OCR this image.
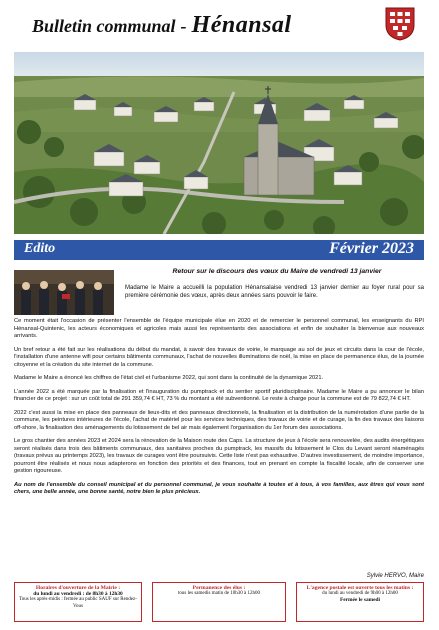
Bulletin communal - Hénansal
Edito	Février 2023
Retour sur le discours des vœux du Maire de vendredi 13 janvier

Madame le Maire a accueilli la population Hénansalaise vendredi 13 janvier dernier au foyer rural pour sa première cérémonie des vœux, après deux années sans pouvoir le faire.

Ce moment était l'occasion de présenter l'ensemble de l'équipe municipale élue en 2020 et de remercier le personnel communal, les enseignants du RPI Hénansal-Quintenic, les acteurs économiques et agricoles mais aussi les représentants des associations et enfin de souhaiter la bienvenue aux nouveaux arrivants.

Un bref retour a été fait sur les réalisations du début du mandat, à savoir des travaux de voirie, le marquage au sol de jeux et circuits dans la cour de l'école, l'installation d'une antenne wifi pour certains bâtiments communaux, l'achat de nouvelles illuminations de noël, la mise en place de permanence élus, de la journée citoyenne et la création du site internet de la commune.

Madame le Maire a énoncé les chiffres de l'état civil et l'urbanisme 2022, qui sont dans la continuité de la dynamique 2021.

L'année 2022 a été marquée par la finalisation et l'inauguration du pumptrack et du sentier sportif pluridisciplinaire. Madame le Maire a pu annoncer le bilan financier de ce projet : sur un coût total de 291 359,74 € HT, 73 % du montant a été subventionné. Le reste à charge pour la commune est de 79 822,74 € HT.

2022 c'est aussi la mise en place des panneaux de lieux-dits et des panneaux directionnels, la finalisation et la distribution de la numérotation d'une partie de la commune, les peintures intérieures de l'école, l'achat de matériel pour les services techniques, des travaux de voirie et de curage, la fin des travaux des liaisons off-shore, la finalisation des aménagements du lotissement de bel air mais également l'organisation du 1er forum des associations.

Le gros chantier des années 2023 et 2024 sera la rénovation de la Maison route des Caps. La structure de jeux à l'école sera renouvelée, des audits énergétiques seront réalisés dans trois des bâtiments communaux, des sanitaires proches du pumptrack, les massifs du lotissement le Clos du Levant seront réaménagés (travaux prévus au printemps 2023), les travaux de curages vont être poursuivis. Cette liste n'est pas exhaustive. D'autres investissement, de moindre importance, pourront être réalisés et nous nous adapterons en fonction des priorités et des finances, tout en prenant en compte la fiscalité locale, afin de conserver une gestion rigoureuse.

Au nom de l'ensemble du conseil municipal et du personnel communal, je vous souhaite à toutes et à tous, à vos familles, aux êtres qui vous sont chers, une belle année, une bonne santé, notre bien le plus précieux.

Sylvie HERVO, Maire
Horaires d'ouverture de la Mairie :
du lundi au vendredi : de 8h30 à 12h30
Tous les après-midis : fermée au public SAUF sur Rendez-Vous
Permanence des élus :
tous les samedis matin de 10h30 à 12h00
L'agence postale est ouverte tous les matins :
du lundi au vendredi de 9h00 à 12h00
Fermée le samedi
